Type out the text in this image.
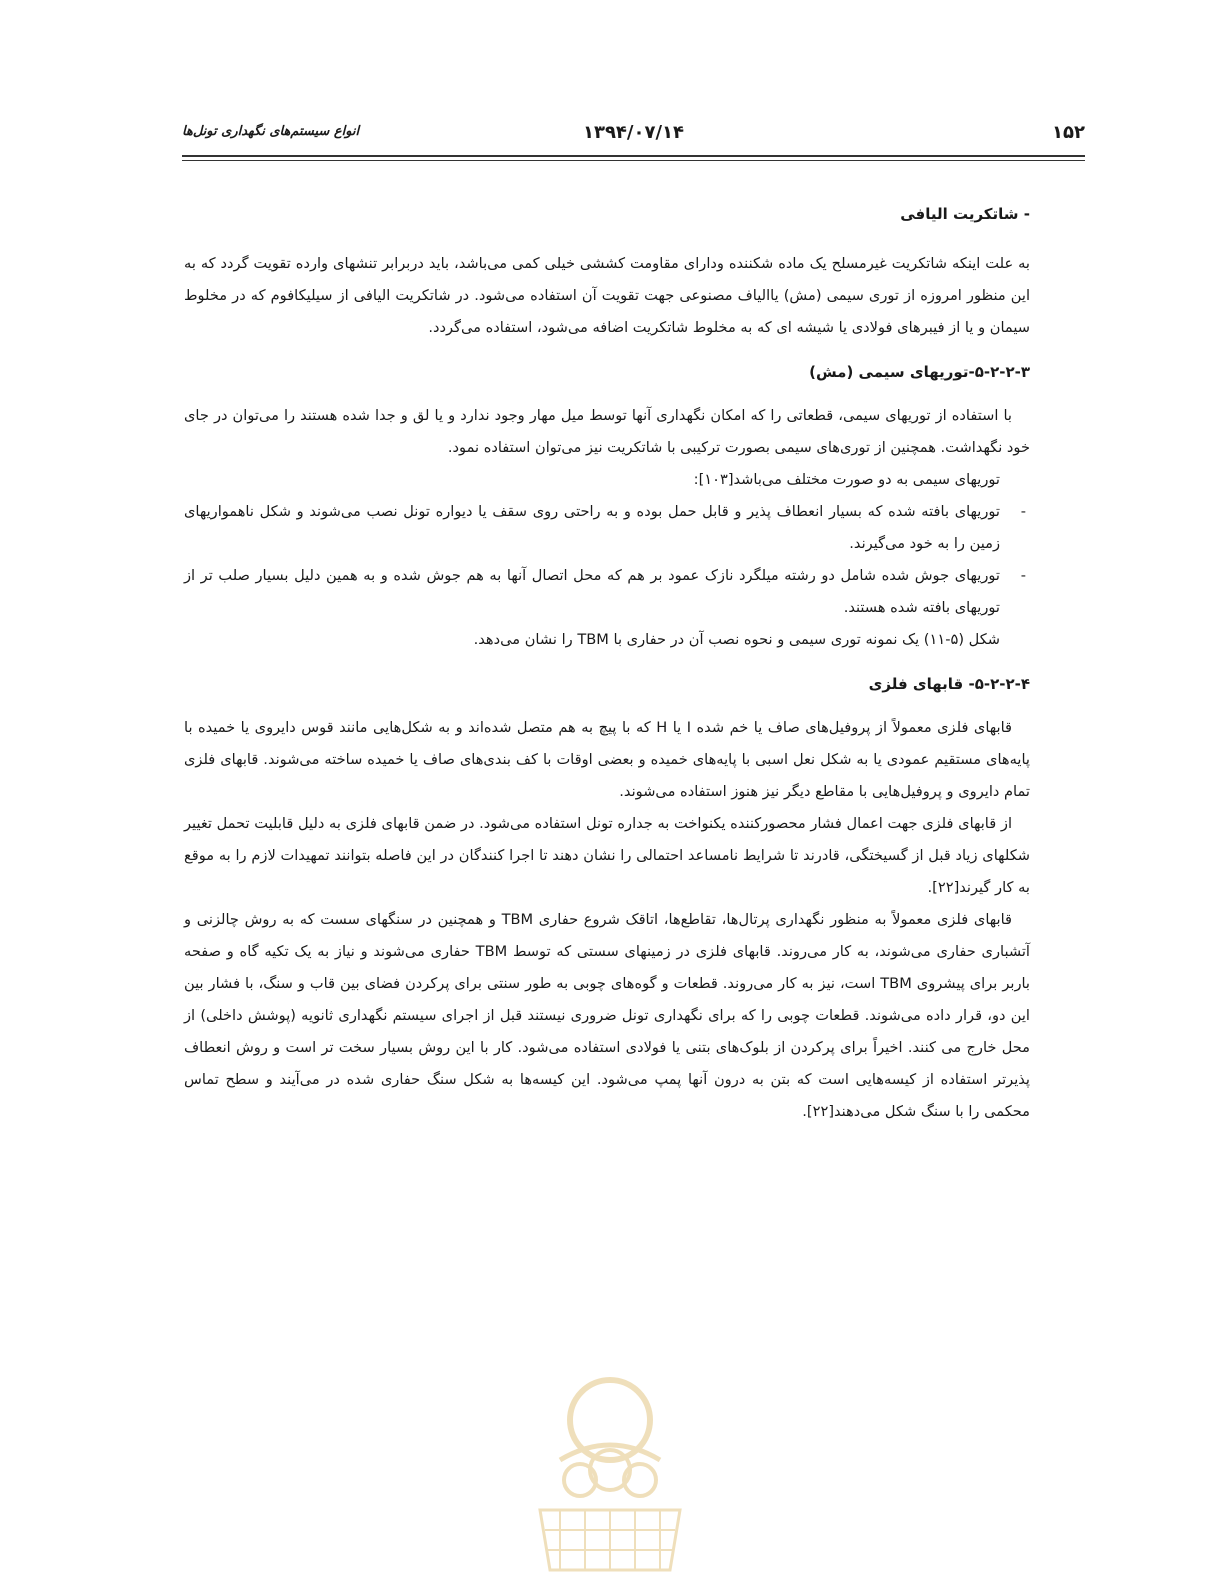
۱۵۲
۱۳۹۴/۰۷/۱۴
انواع سیستم‌های نگهداری تونل‌ها

- شاتکریت الیافی

به علت اینکه شاتکریت غیرمسلح یک ماده شکننده ودارای مقاومت کششی خیلی کمی می‌باشد، باید دربرابر تنشهای وارده تقویت گردد که به این منظور امروزه از توری سیمی (مش) یاالیاف مصنوعی جهت تقویت آن استفاده می‌شود. در شاتکریت الیافی از سیلیکافوم که در مخلوط سیمان و یا از فیبرهای فولادی یا شیشه ای که به مخلوط شاتکریت اضافه می‌شود، استفاده می‌گردد.

۵-۲-۲-۳-توریهای سیمی (مش)

با استفاده از توریهای سیمی، قطعاتی را که امکان نگهداری آنها توسط میل مهار وجود ندارد و یا لق و جدا شده هستند را می‌توان در جای خود نگهداشت. همچنین از توری‌های سیمی بصورت ترکیبی با شاتکریت نیز می‌توان استفاده نمود.

توریهای سیمی به دو صورت مختلف می‌باشد[۱۰۳]:

-
توریهای بافته شده که بسیار انعطاف پذیر و قابل حمل بوده و به راحتی روی سقف یا دیواره تونل نصب می‌شوند و شکل ناهمواریهای زمین را به خود می‌گیرند.
-
توریهای جوش شده شامل دو رشته میلگرد نازک عمود بر هم که محل اتصال آنها به هم جوش شده و به همین دلیل بسیار صلب تر از توریهای بافته شده هستند.

شکل (۵-۱۱) یک نمونه توری سیمی و نحوه نصب آن در حفاری با TBM را نشان می‌دهد.

۵-۲-۲-۴- قابهای فلزی

قابهای فلزی معمولاً از پروفیل‌های صاف یا خم شده I یا H که با پیچ به هم متصل شده‌اند و به شکل‌هایی مانند قوس دایروی یا خمیده با پایه‌های مستقیم عمودی یا به شکل نعل اسبی با پایه‌های خمیده و بعضی اوقات با کف بندی‌های صاف یا خمیده ساخته می‌شوند. قابهای فلزی تمام دایروی و پروفیل‌هایی با مقاطع دیگر نیز هنوز استفاده می‌شوند.

از قابهای فلزی جهت اعمال فشار محصورکننده یکنواخت به جداره تونل استفاده می‌شود. در ضمن قابهای فلزی به دلیل قابلیت تحمل تغییر شکلهای زیاد قبل از گسیختگی، قادرند تا شرایط نامساعد احتمالی را نشان دهند تا اجرا کنندگان در این فاصله بتوانند تمهیدات لازم را به موقع به کار گیرند[۲۲].

قابهای فلزی معمولاً به منظور نگهداری پرتال‌ها، تقاطع‌ها، اتاقک شروع حفاری TBM و همچنین در سنگهای سست که به روش چالزنی و آتشباری حفاری می‌شوند، به کار می‌روند. قابهای فلزی در زمینهای سستی که توسط TBM حفاری می‌شوند و نیاز به یک تکیه گاه و صفحه باربر برای پیشروی TBM است، نیز به کار می‌روند. قطعات و گوه‌های چوبی به طور سنتی برای پرکردن فضای بین قاب و سنگ، با فشار بین این دو، قرار داده می‌شوند. قطعات چوبی را که برای نگهداری تونل ضروری نیستند قبل از اجرای سیستم نگهداری ثانویه (پوشش داخلی) از محل خارج می کنند. اخیراً برای پرکردن از بلوک‌های بتنی یا فولادی استفاده می‌شود. کار با این روش بسیار سخت تر است و روش انعطاف پذیرتر استفاده از کیسه‌هایی است که بتن به درون آنها پمپ می‌شود. این کیسه‌ها به شکل سنگ حفاری شده در می‌آیند و سطح تماس محکمی را با سنگ شکل می‌دهند[۲۲].
